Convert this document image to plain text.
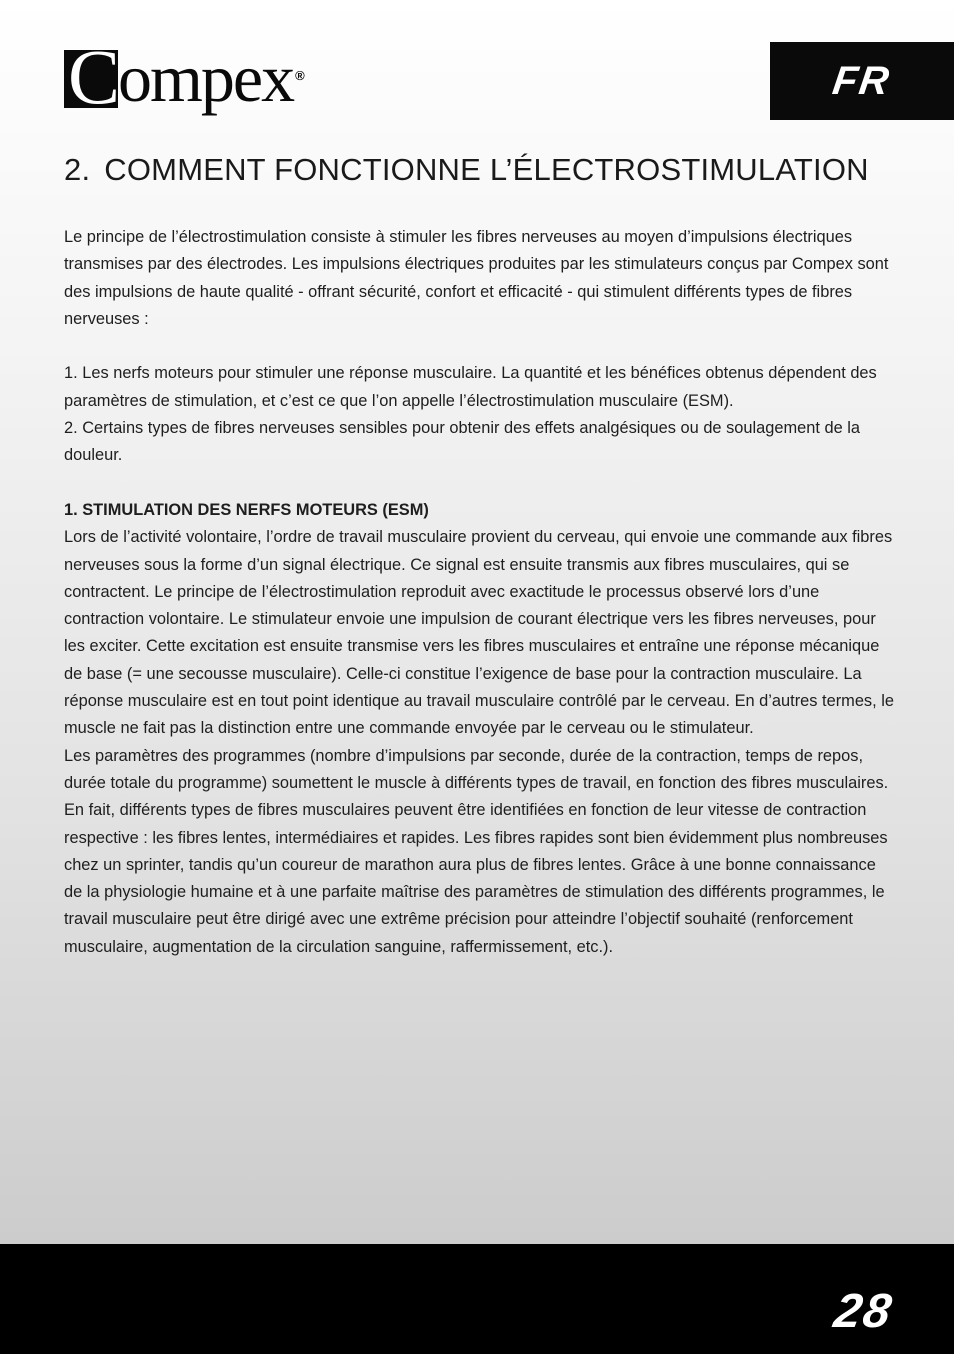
C
ompex ®	FR
2. COMMENT FONCTIONNE L’ÉLECTROSTIMULATION

Le principe de l’électrostimulation consiste à stimuler les fibres nerveuses au moyen d’impulsions électriques transmises par des électrodes. Les impulsions électriques produites par les stimulateurs conçus par Compex sont des impulsions de haute qualité - offrant sécurité, confort et efficacité - qui stimulent différents types de fibres nerveuses :

1. Les nerfs moteurs pour stimuler une réponse musculaire. La quantité et les bénéfices obtenus dépendent des paramètres de stimulation, et c’est ce que l’on appelle l’électrostimulation musculaire (ESM).

2. Certains types de fibres nerveuses sensibles pour obtenir des effets analgésiques ou de soulagement de la douleur.

1. STIMULATION DES NERFS MOTEURS (ESM)

Lors de l’activité volontaire, l’ordre de travail musculaire provient du cerveau, qui envoie une commande aux fibres nerveuses sous la forme d’un signal électrique. Ce signal est ensuite transmis aux fibres musculaires, qui se contractent. Le principe de l’électrostimulation reproduit avec exactitude le processus observé lors d’une contraction volontaire. Le stimulateur envoie une impulsion de courant électrique vers les fibres nerveuses, pour les exciter. Cette excitation est ensuite transmise vers les fibres musculaires et entraîne une réponse mécanique de base (= une secousse musculaire). Celle-ci constitue l’exigence de base pour la contraction musculaire. La réponse musculaire est en tout point identique au travail musculaire contrôlé par le cerveau. En d’autres termes, le muscle ne fait pas la distinction entre une commande envoyée par le cerveau ou le stimulateur.

Les paramètres des programmes (nombre d’impulsions par seconde, durée de la contraction, temps de repos, durée totale du programme) soumettent le muscle à différents types de travail, en fonction des fibres musculaires. En fait, différents types de fibres musculaires peuvent être identifiées en fonction de leur vitesse de contraction respective : les fibres lentes, intermédiaires et rapides. Les fibres rapides sont bien évidemment plus nombreuses chez un sprinter, tandis qu’un coureur de marathon aura plus de fibres lentes. Grâce à une bonne connaissance de la physiologie humaine et à une parfaite maîtrise des paramètres de stimulation des différents programmes, le travail musculaire peut être dirigé avec une extrême précision pour atteindre l’objectif souhaité (renforcement musculaire, augmentation de la circulation sanguine, raffermissement, etc.).

28
